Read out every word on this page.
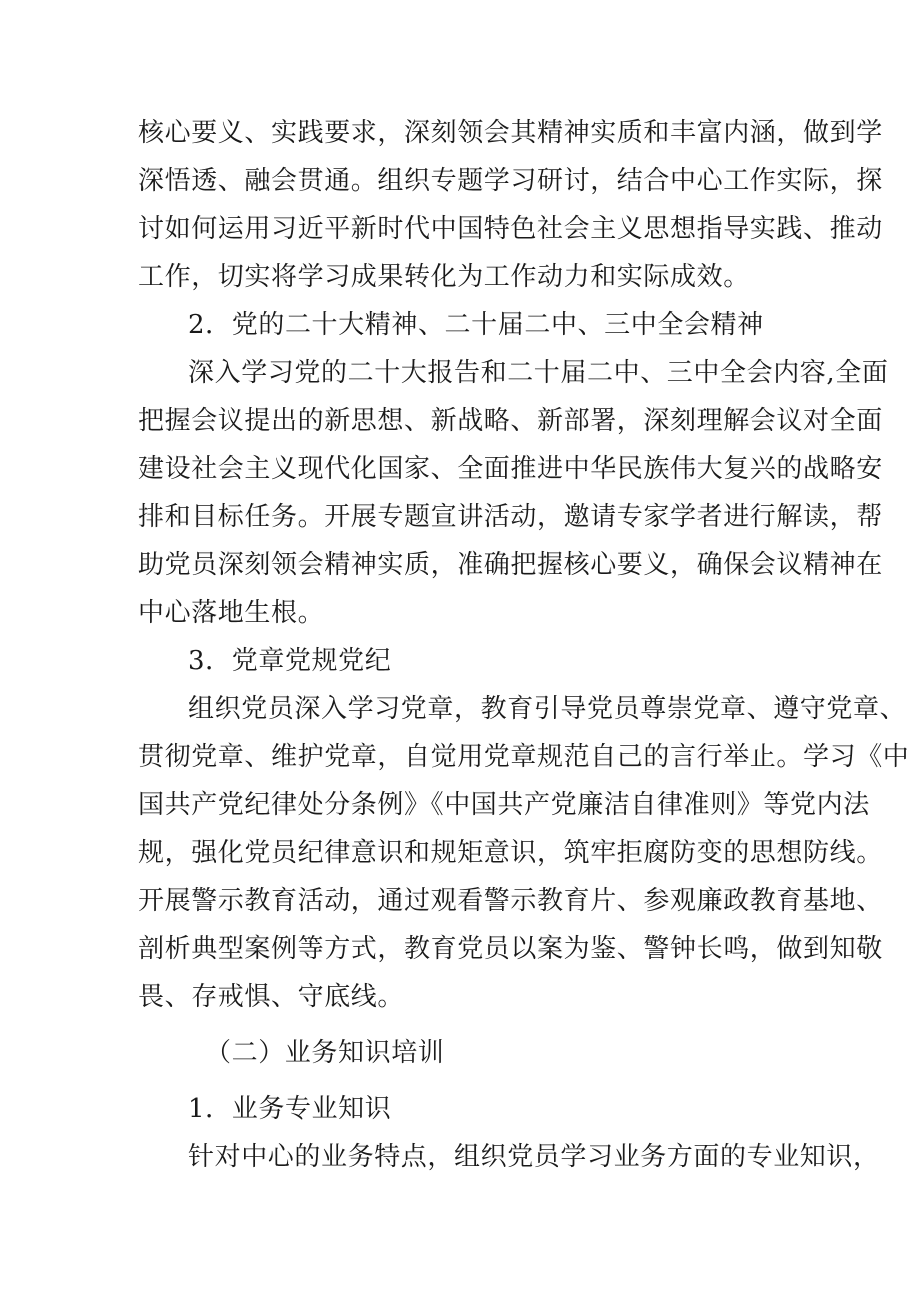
核心要义、实践要求，深刻领会其精神实质和丰富内涵，做到学
深悟透、融会贯通。组织专题学习研讨，结合中心工作实际，探
讨如何运用习近平新时代中国特色社会主义思想指导实践、推动
工作，切实将学习成果转化为工作动力和实际成效。
2．党的二十大精神、二十届二中、三中全会精神
深入学习党的二十大报告和二十届二中、三中全会内容,全面
把握会议提出的新思想、新战略、新部署，深刻理解会议对全面
建设社会主义现代化国家、全面推进中华民族伟大复兴的战略安
排和目标任务。开展专题宣讲活动，邀请专家学者进行解读，帮
助党员深刻领会精神实质，准确把握核心要义，确保会议精神在
中心落地生根。
3．党章党规党纪
组织党员深入学习党章，教育引导党员尊崇党章、遵守党章、
贯彻党章、维护党章，自觉用党章规范自己的言行举止。学习《中
国共产党纪律处分条例》《中国共产党廉洁自律准则》等党内法
规，强化党员纪律意识和规矩意识，筑牢拒腐防变的思想防线。
开展警示教育活动，通过观看警示教育片、参观廉政教育基地、
剖析典型案例等方式，教育党员以案为鉴、警钟长鸣，做到知敬
畏、存戒惧、守底线。
（二）业务知识培训
1．业务专业知识
针对中心的业务特点，组织党员学习业务方面的专业知识，
